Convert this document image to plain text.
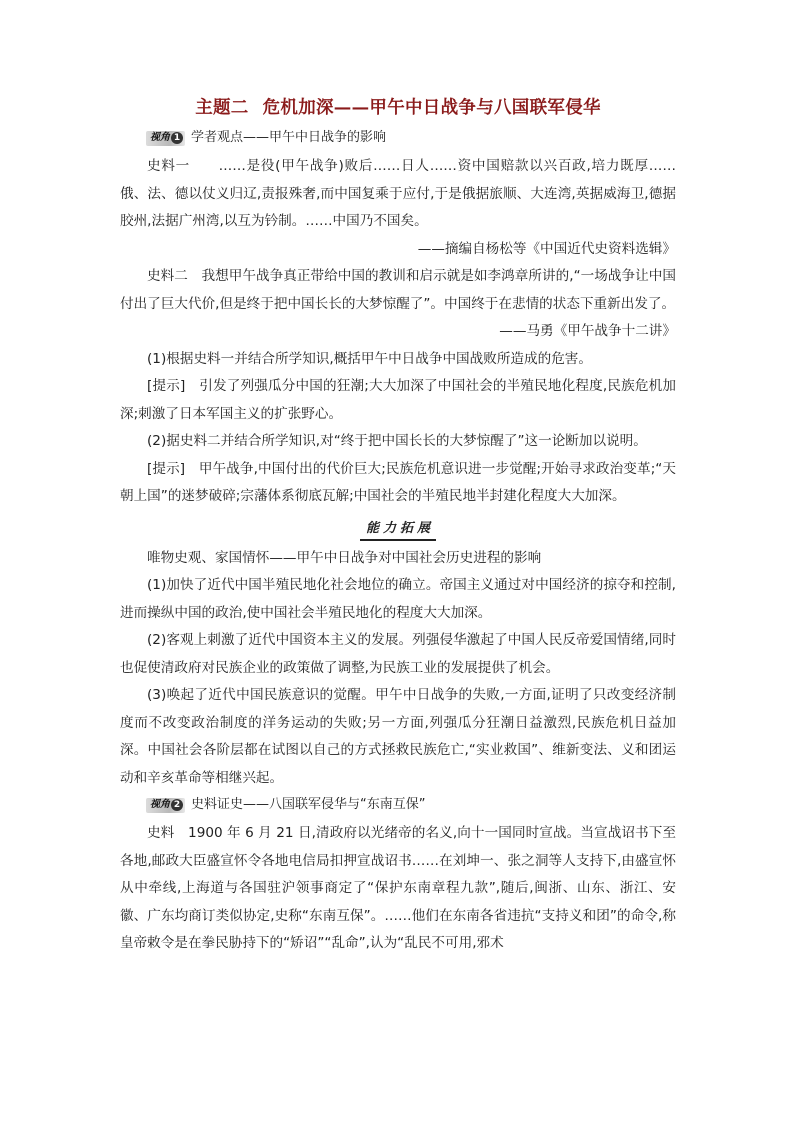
主题二 危机加深——甲午中日战争与八国联军侵华
视角 1 学者观点——甲午中日战争的影响

史料一　　 ……是役(甲午战争)败后……日人……资中国赔款以兴百政,培力既厚……俄、法、德以仗义归辽,责报殊奢,而中国复乘于应付,于是俄据旅顺、大连湾,英据威海卫,德据胶州,法据广州湾,以互为钤制。……中国乃不国矣。

——摘编自杨松等《中国近代史资料选辑》

史料二　 我想甲午战争真正带给中国的教训和启示就是如李鸿章所讲的,“一场战争让中国付出了巨大代价,但是终于把中国长长的大梦惊醒了”。中国终于在悲情的状态下重新出发了。

——马勇《甲午战争十二讲》

(1)根据史料一并结合所学知识,概括甲午中日战争中国战败所造成的危害。

[提示]　引发了列强瓜分中国的狂潮;大大加深了中国社会的半殖民地化程度,民族危机加深;刺激了日本军国主义的扩张野心。

(2)据史料二并结合所学知识,对“终于把中国长长的大梦惊醒了”这一论断加以说明。

[提示]　甲午战争,中国付出的代价巨大;民族危机意识进一步觉醒;开始寻求政治变革;“天朝上国”的迷梦破碎;宗藩体系彻底瓦解;中国社会的半殖民地半封建化程度大大加深。

能力拓展

唯物史观、家国情怀——甲午中日战争对中国社会历史进程的影响

(1)加快了近代中国半殖民地化社会地位的确立。帝国主义通过对中国经济的掠夺和控制,进而操纵中国的政治,使中国社会半殖民地化的程度大大加深。

(2)客观上刺激了近代中国资本主义的发展。列强侵华激起了中国人民反帝爱国情绪,同时也促使清政府对民族企业的政策做了调整,为民族工业的发展提供了机会。

(3)唤起了近代中国民族意识的觉醒。甲午中日战争的失败,一方面,证明了只改变经济制度而不改变政治制度的洋务运动的失败;另一方面,列强瓜分狂潮日益激烈,民族危机日益加深。中国社会各阶层都在试图以自己的方式拯救民族危亡,“实业救国”、维新变法、义和团运动和辛亥革命等相继兴起。

视角 2 史料证史——八国联军侵华与“东南互保”

史料　 1900 年 6 月 21 日,清政府以光绪帝的名义,向十一国同时宣战。当宣战诏书下至各地,邮政大臣盛宣怀令各地电信局扣押宣战诏书……在刘坤一、张之洞等人支持下,由盛宣怀从中牵线,上海道与各国驻沪领事商定了“保护东南章程九款”,随后,闽浙、山东、浙江、安徽、广东均商订类似协定,史称“东南互保”。……他们在东南各省违抗“支持义和团”的命令,称皇帝敕令是在拳民胁持下的“矫诏”“乱命”,认为“乱民不可用,邪术
